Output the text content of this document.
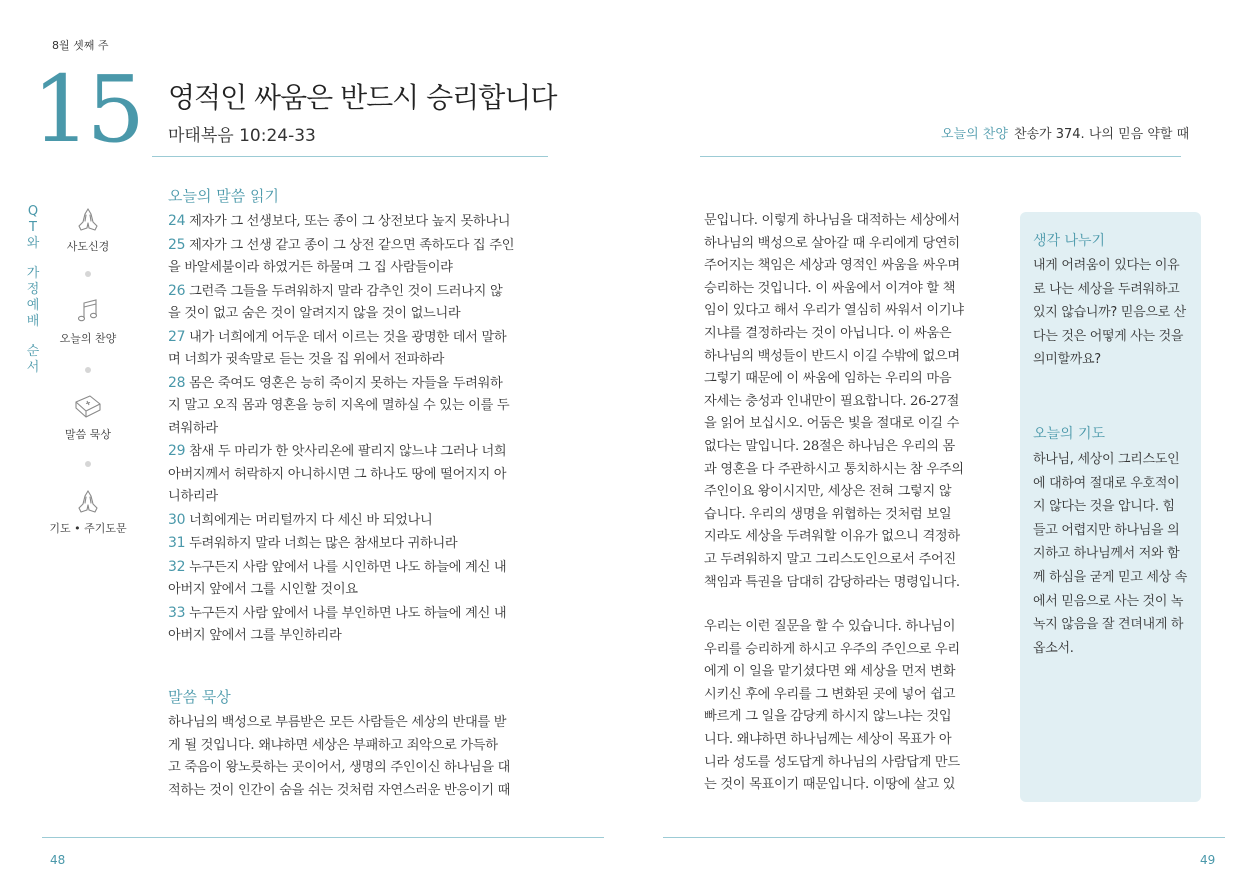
8월 셋째 주
15 영적인 싸움은 반드시 승리합니다
마태복음 10:24-33
Q
T
와
가
정
예
배
순
서
사도신경
오늘의 찬양
말씀 묵상
기도 • 주기도문
오늘의 말씀 읽기
24 제자가 그 선생보다, 또는 종이 그 상전보다 높지 못하나니
25 제자가 그 선생 같고 종이 그 상전 같으면 족하도다 집 주인
을 바알세불이라 하였거든 하물며 그 집 사람들이랴
26 그런즉 그들을 두려워하지 말라 감추인 것이 드러나지 않
을 것이 없고 숨은 것이 알려지지 않을 것이 없느니라
27 내가 너희에게 어두운 데서 이르는 것을 광명한 데서 말하
며 너희가 귓속말로 듣는 것을 집 위에서 전파하라
28 몸은 죽여도 영혼은 능히 죽이지 못하는 자들을 두려워하
지 말고 오직 몸과 영혼을 능히 지옥에 멸하실 수 있는 이를 두
려워하라
29 참새 두 마리가 한 앗사리온에 팔리지 않느냐 그러나 너희
아버지께서 허락하지 아니하시면 그 하나도 땅에 떨어지지 아
니하리라
30 너희에게는 머리털까지 다 세신 바 되었나니
31 두려워하지 말라 너희는 많은 참새보다 귀하니라
32 누구든지 사람 앞에서 나를 시인하면 나도 하늘에 계신 내
아버지 앞에서 그를 시인할 것이요
33 누구든지 사람 앞에서 나를 부인하면 나도 하늘에 계신 내
아버지 앞에서 그를 부인하리라
말씀 묵상
하나님의 백성으로 부름받은 모든 사람들은 세상의 반대를 받
게 될 것입니다. 왜냐하면 세상은 부패하고 죄악으로 가득하
고 죽음이 왕노릇하는 곳이어서, 생명의 주인이신 하나님을 대
적하는 것이 인간이 숨을 쉬는 것처럼 자연스러운 반응이기 때
48
오늘의 찬양 찬송가 374. 나의 믿음 약할 때
문입니다. 이렇게 하나님을 대적하는 세상에서
하나님의 백성으로 살아갈 때 우리에게 당연히
주어지는 책임은 세상과 영적인 싸움을 싸우며
승리하는 것입니다. 이 싸움에서 이겨야 할 책
임이 있다고 해서 우리가 열심히 싸워서 이기냐
지냐를 결정하라는 것이 아닙니다. 이 싸움은
하나님의 백성들이 반드시 이길 수밖에 없으며
그렇기 때문에 이 싸움에 임하는 우리의 마음
자세는 충성과 인내만이 필요합니다. 26-27절
을 읽어 보십시오. 어둠은 빛을 절대로 이길 수
없다는 말입니다. 28절은 하나님은 우리의 몸
과 영혼을 다 주관하시고 통치하시는 참 우주의
주인이요 왕이시지만, 세상은 전혀 그렇지 않
습니다. 우리의 생명을 위협하는 것처럼 보일
지라도 세상을 두려워할 이유가 없으니 격정하
고 두려워하지 말고 그리스도인으로서 주어진
책임과 특권을 담대히 감당하라는 명령입니다.
우리는 이런 질문을 할 수 있습니다. 하나님이
우리를 승리하게 하시고 우주의 주인으로 우리
에게 이 일을 맡기셨다면 왜 세상을 먼저 변화
시키신 후에 우리를 그 변화된 곳에 넣어 쉽고
빠르게 그 일을 감당케 하시지 않느냐는 것입
니다. 왜냐하면 하나님께는 세상이 목표가 아
니라 성도를 성도답게 하나님의 사람답게 만드
는 것이 목표이기 때문입니다. 이땅에 살고 있
생각 나누기
내게 어려움이 있다는 이유
로 나는 세상을 두려워하고
있지 않습니까? 믿음으로 산
다는 것은 어떻게 사는 것을
의미할까요?
오늘의 기도
하나님, 세상이 그리스도인
에 대하여 절대로 우호적이
지 않다는 것을 압니다. 힘
들고 어렵지만 하나님을 의
지하고 하나님께서 저와 함
께 하심을 굳게 믿고 세상 속
에서 믿음으로 사는 것이 녹
녹지 않음을 잘 견뎌내게 하
옵소서.
49
